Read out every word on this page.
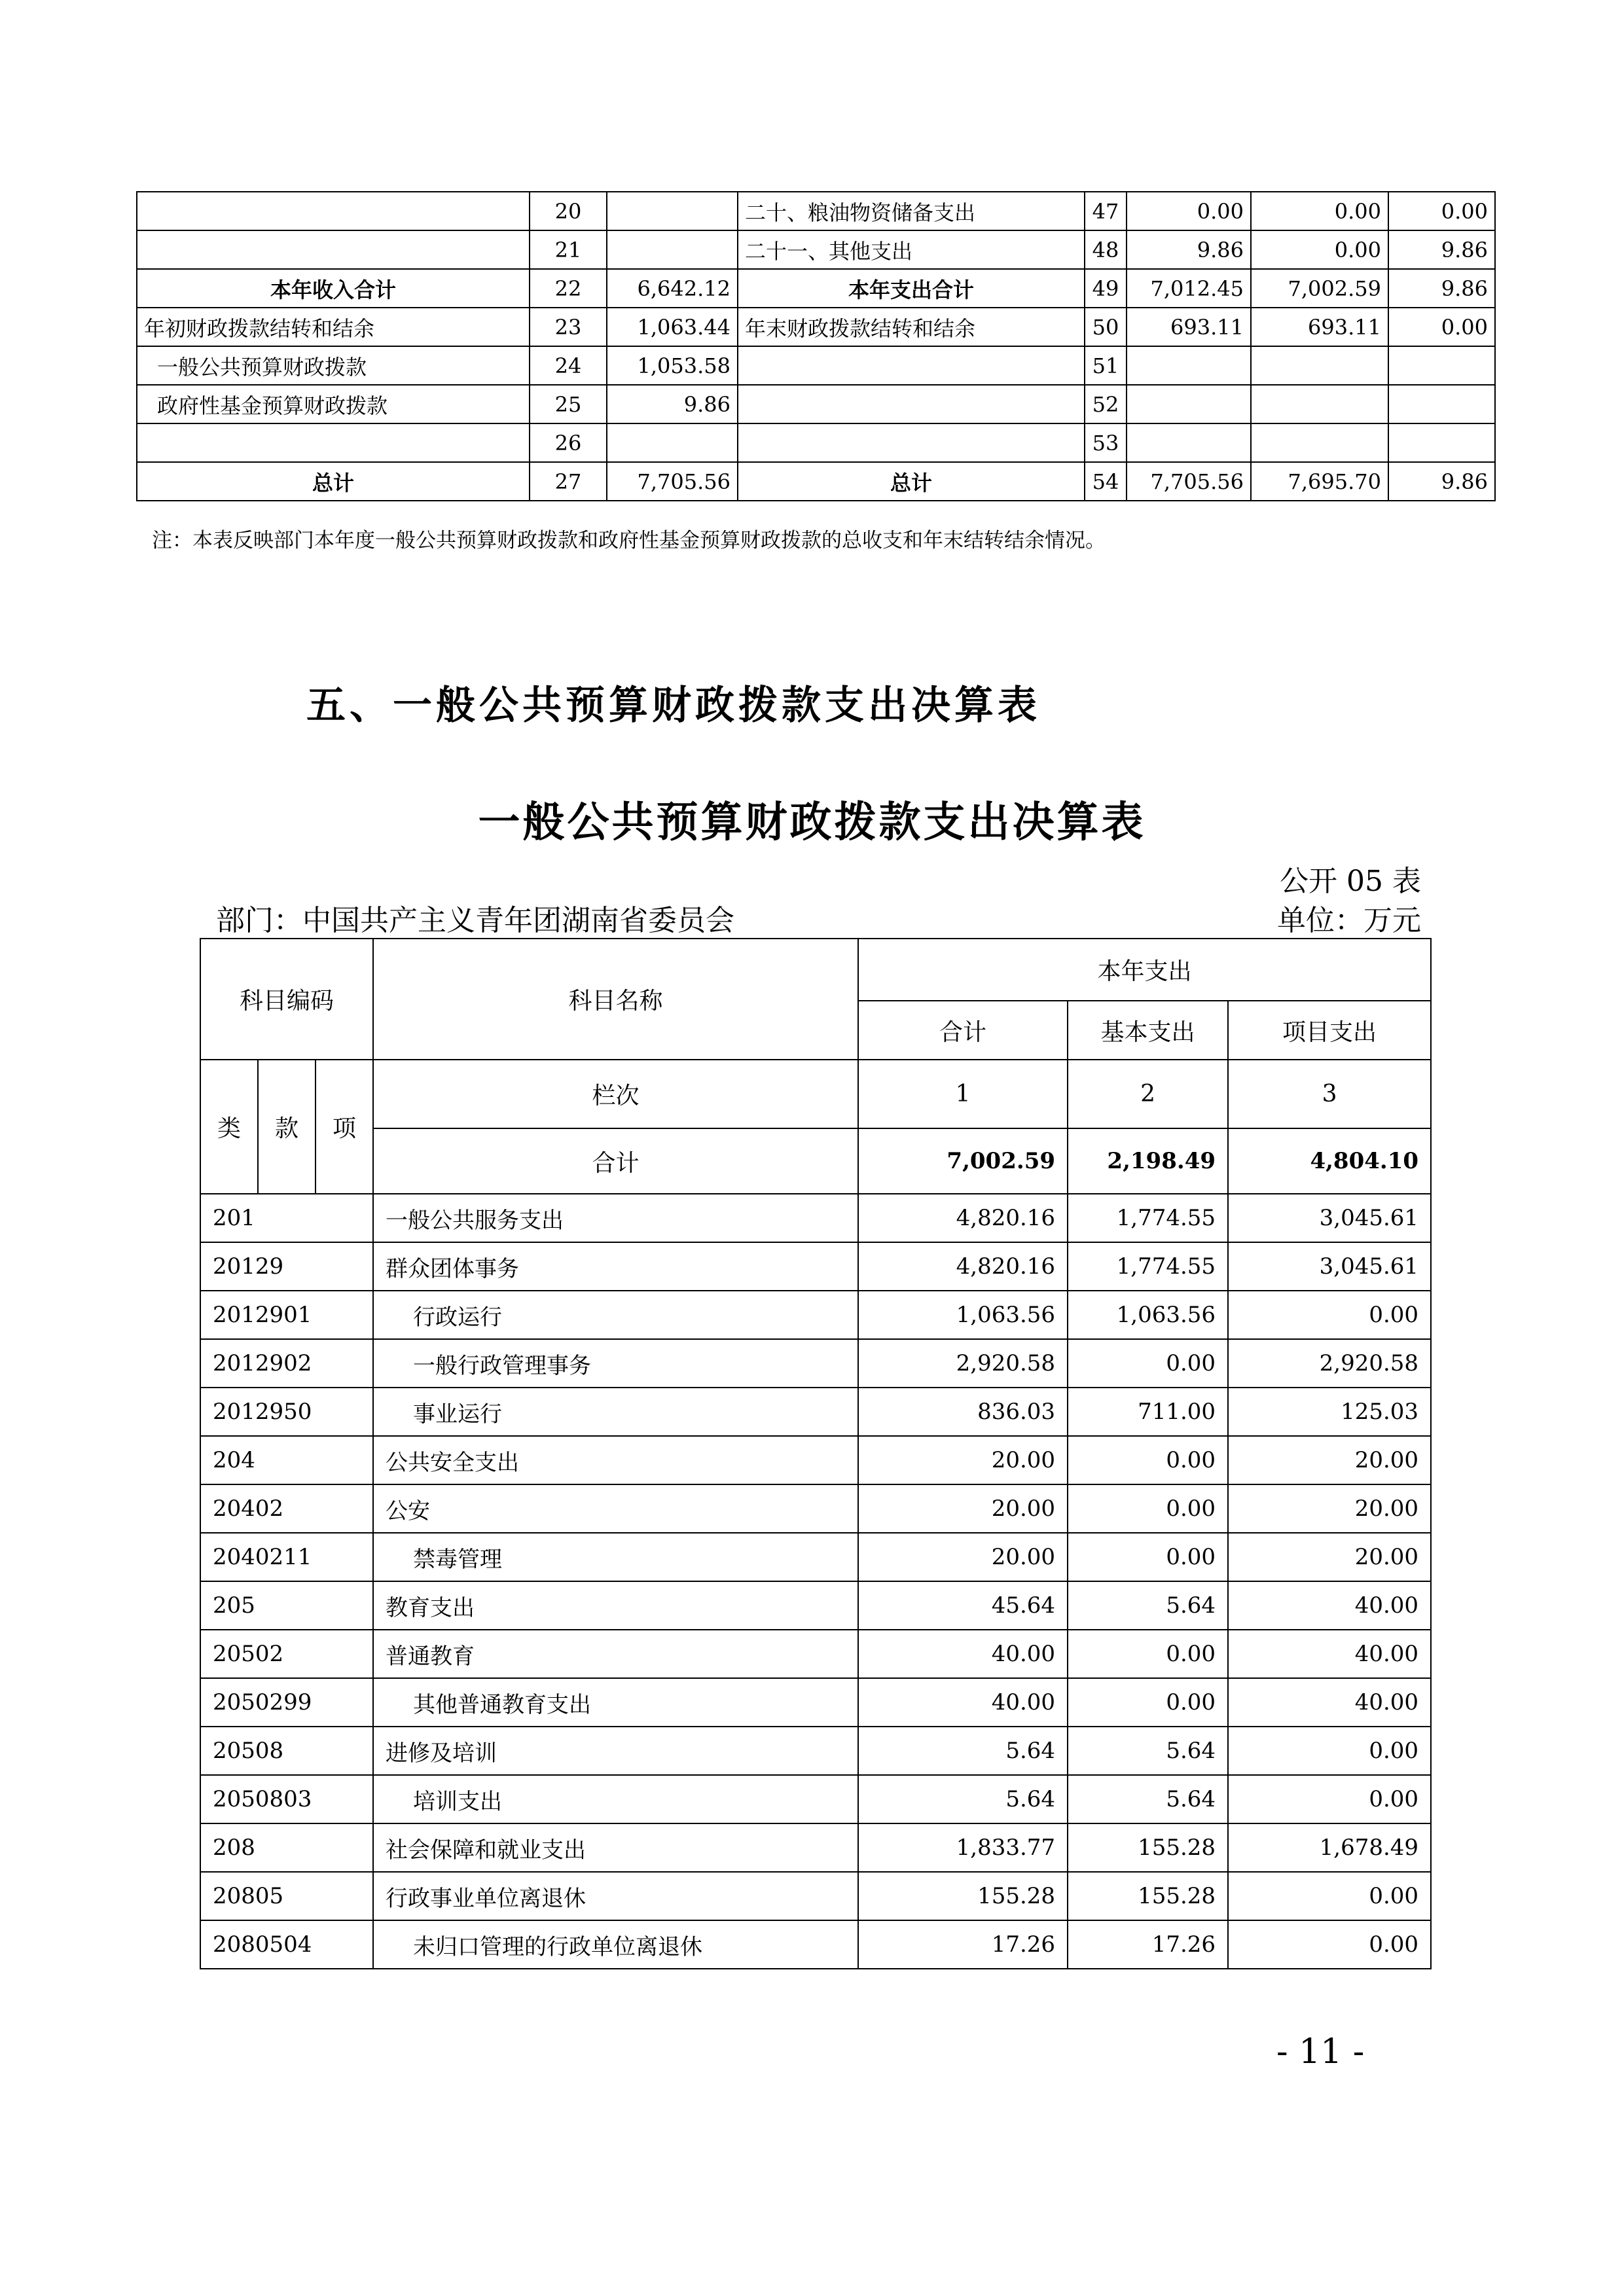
	20		二十、粮油物资储备支出	47	0.00	0.00	0.00
	21		二十一、其他支出	48	9.86	0.00	9.86
本年收入合计	22	6,642.12	本年支出合计	49	7,012.45	7,002.59	9.86
年初财政拨款结转和结余	23	1,063.44	年末财政拨款结转和结余	50	693.11	693.11	0.00
一般公共预算财政拨款	24	1,053.58		51			
政府性基金预算财政拨款	25	9.86		52			
	26			53			
总计	27	7,705.56	总计	54	7,705.56	7,695.70	9.86
注：本表反映部门本年度一般公共预算财政拨款和政府性基金预算财政拨款的总收支和年末结转结余情况。
五、一般公共预算财政拨款支出决算表
一般公共预算财政拨款支出决算表
公开 05 表
部门：中国共产主义青年团湖南省委员会	单位：万元
科目编码			科目名称	本年支出		
				合计	基本支出	项目支出
类	款	项	栏次	1	2	3
			合计	7,002.59	2,198.49	4,804.10
201			一般公共服务支出	4,820.16	1,774.55	3,045.61
20129			群众团体事务	4,820.16	1,774.55	3,045.61
2012901			行政运行	1,063.56	1,063.56	0.00
2012902			一般行政管理事务	2,920.58	0.00	2,920.58
2012950			事业运行	836.03	711.00	125.03
204			公共安全支出	20.00	0.00	20.00
20402			公安	20.00	0.00	20.00
2040211			禁毒管理	20.00	0.00	20.00
205			教育支出	45.64	5.64	40.00
20502			普通教育	40.00	0.00	40.00
2050299			其他普通教育支出	40.00	0.00	40.00
20508			进修及培训	5.64	5.64	0.00
2050803			培训支出	5.64	5.64	0.00
208			社会保障和就业支出	1,833.77	155.28	1,678.49
20805			行政事业单位离退休	155.28	155.28	0.00
2080504			未归口管理的行政单位离退休	17.26	17.26	0.00
- 11 -
